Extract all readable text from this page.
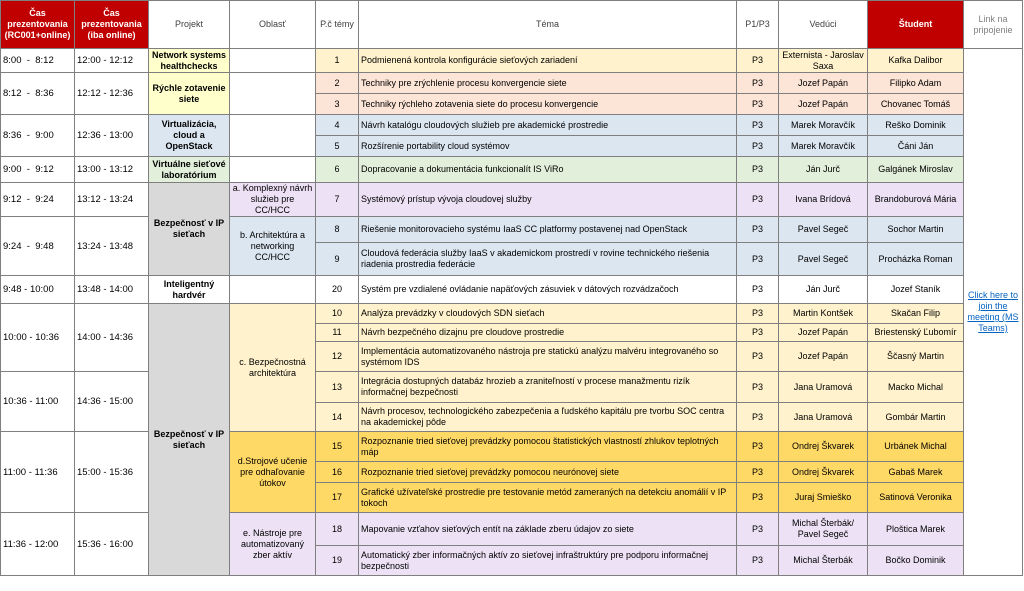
Čas prezentovania (RC001+online)	Čas prezentovania (iba online)	Projekt	Oblasť	P.č témy	Téma	P1/P3	Vedúci	Študent	Link na pripojenie
8:00  -  8:12	12:00 - 12:12	Network systems healthchecks		1	Podmienená kontrola konfigurácie sieťových zariadení	P3	Externista - Jaroslav Saxa	Kafka Dalibor	Click here to join the meeting (MS Teams)
8:12  -  8:36	12:12 - 12:36	Rýchle zotavenie siete		2	Techniky pre zrýchlenie procesu konvergencie siete	P3	Jozef Papán	Filipko Adam	
				3	Techniky rýchleho zotavenia siete do procesu konvergencie	P3	Jozef Papán	Chovanec Tomáš	
8:36  -  9:00	12:36 - 13:00	Virtualizácia, cloud a OpenStack		4	Návrh katalógu cloudových služieb pre akademické prostredie	P3	Marek Moravčík	Reško Dominik	
				5	Rozšírenie portability cloud systémov	P3	Marek Moravčík	Čáni Ján	
9:00  -  9:12	13:00 - 13:12	Virtuálne sieťové laboratórium		6	Dopracovanie a dokumentácia funkcionalít IS ViRo	P3	Ján Jurč	Galgánek Miroslav	
9:12  -  9:24	13:12 - 13:24	Bezpečnosť v IP sieťach	a. Komplexný návrh služieb pre CC/HCC	7	Systémový prístup vývoja cloudovej služby	P3	Ivana Brídová	Brandoburová Mária	
9:24  -  9:48	13:24 - 13:48		b. Architektúra a networking CC/HCC	8	Riešenie monitorovacieho systému IaaS CC platformy postavenej nad OpenStack	P3	Pavel Segeč	Sochor Martin	
				9	Cloudová federácia služby IaaS v akademickom prostredí v rovine technického riešenia riadenia prostredia federácie	P3	Pavel Segeč	Procházka Roman	
9:48 - 10:00	13:48 - 14:00	Inteligentný hardvér		20	Systém pre vzdialené ovládanie napäťových zásuviek v dátových rozvádzačoch	P3	Ján Jurč	Jozef Staník	
10:00 - 10:36	14:00 - 14:36	Bezpečnosť v IP sieťach	c. Bezpečnostná architektúra	10	Analýza prevádzky v cloudových SDN sieťach	P3	Martin Kontšek	Skačan Filip	
				11	Návrh bezpečného dizajnu pre cloudove prostredie	P3	Jozef Papán	Briestenský Ľubomír	
				12	Implementácia automatizovaného nástroja pre statickú analýzu malvéru integrovaného so systémom IDS	P3	Jozef Papán	Ščasný Martin	
10:36 - 11:00	14:36 - 15:00			13	Integrácia dostupných databáz hrozieb a zraniteľností v procese manažmentu rizík informačnej bezpečnosti	P3	Jana Uramová	Macko Michal	
				14	Návrh procesov, technologického zabezpečenia a ľudského kapitálu pre tvorbu SOC centra na akademickej pôde	P3	Jana Uramová	Gombár Martin	
11:00 - 11:36	15:00 - 15:36		d.Strojové učenie pre odhaľovanie útokov	15	Rozpoznanie tried sieťovej prevádzky pomocou štatistických vlastností zhlukov teplotných máp	P3	Ondrej Škvarek	Urbánek Michal	
				16	Rozpoznanie tried sieťovej prevádzky pomocou neurónovej siete	P3	Ondrej Škvarek	Gabaš Marek	
				17	Grafické užívateľské prostredie pre testovanie metód zameraných na detekciu anomálií v IP tokoch	P3	Juraj Smieško	Satinová Veronika	
11:36 - 12:00	15:36 - 16:00		e. Nástroje pre automatizovaný zber aktív	18	Mapovanie vzťahov sieťových entít na základe zberu údajov zo siete	P3	Michal Šterbák/ Pavel Segeč	Ploštica Marek	
				19	Automatický zber informačných aktív zo sieťovej infraštruktúry pre podporu informačnej bezpečnosti	P3	Michal Šterbák	Bočko Dominik	
